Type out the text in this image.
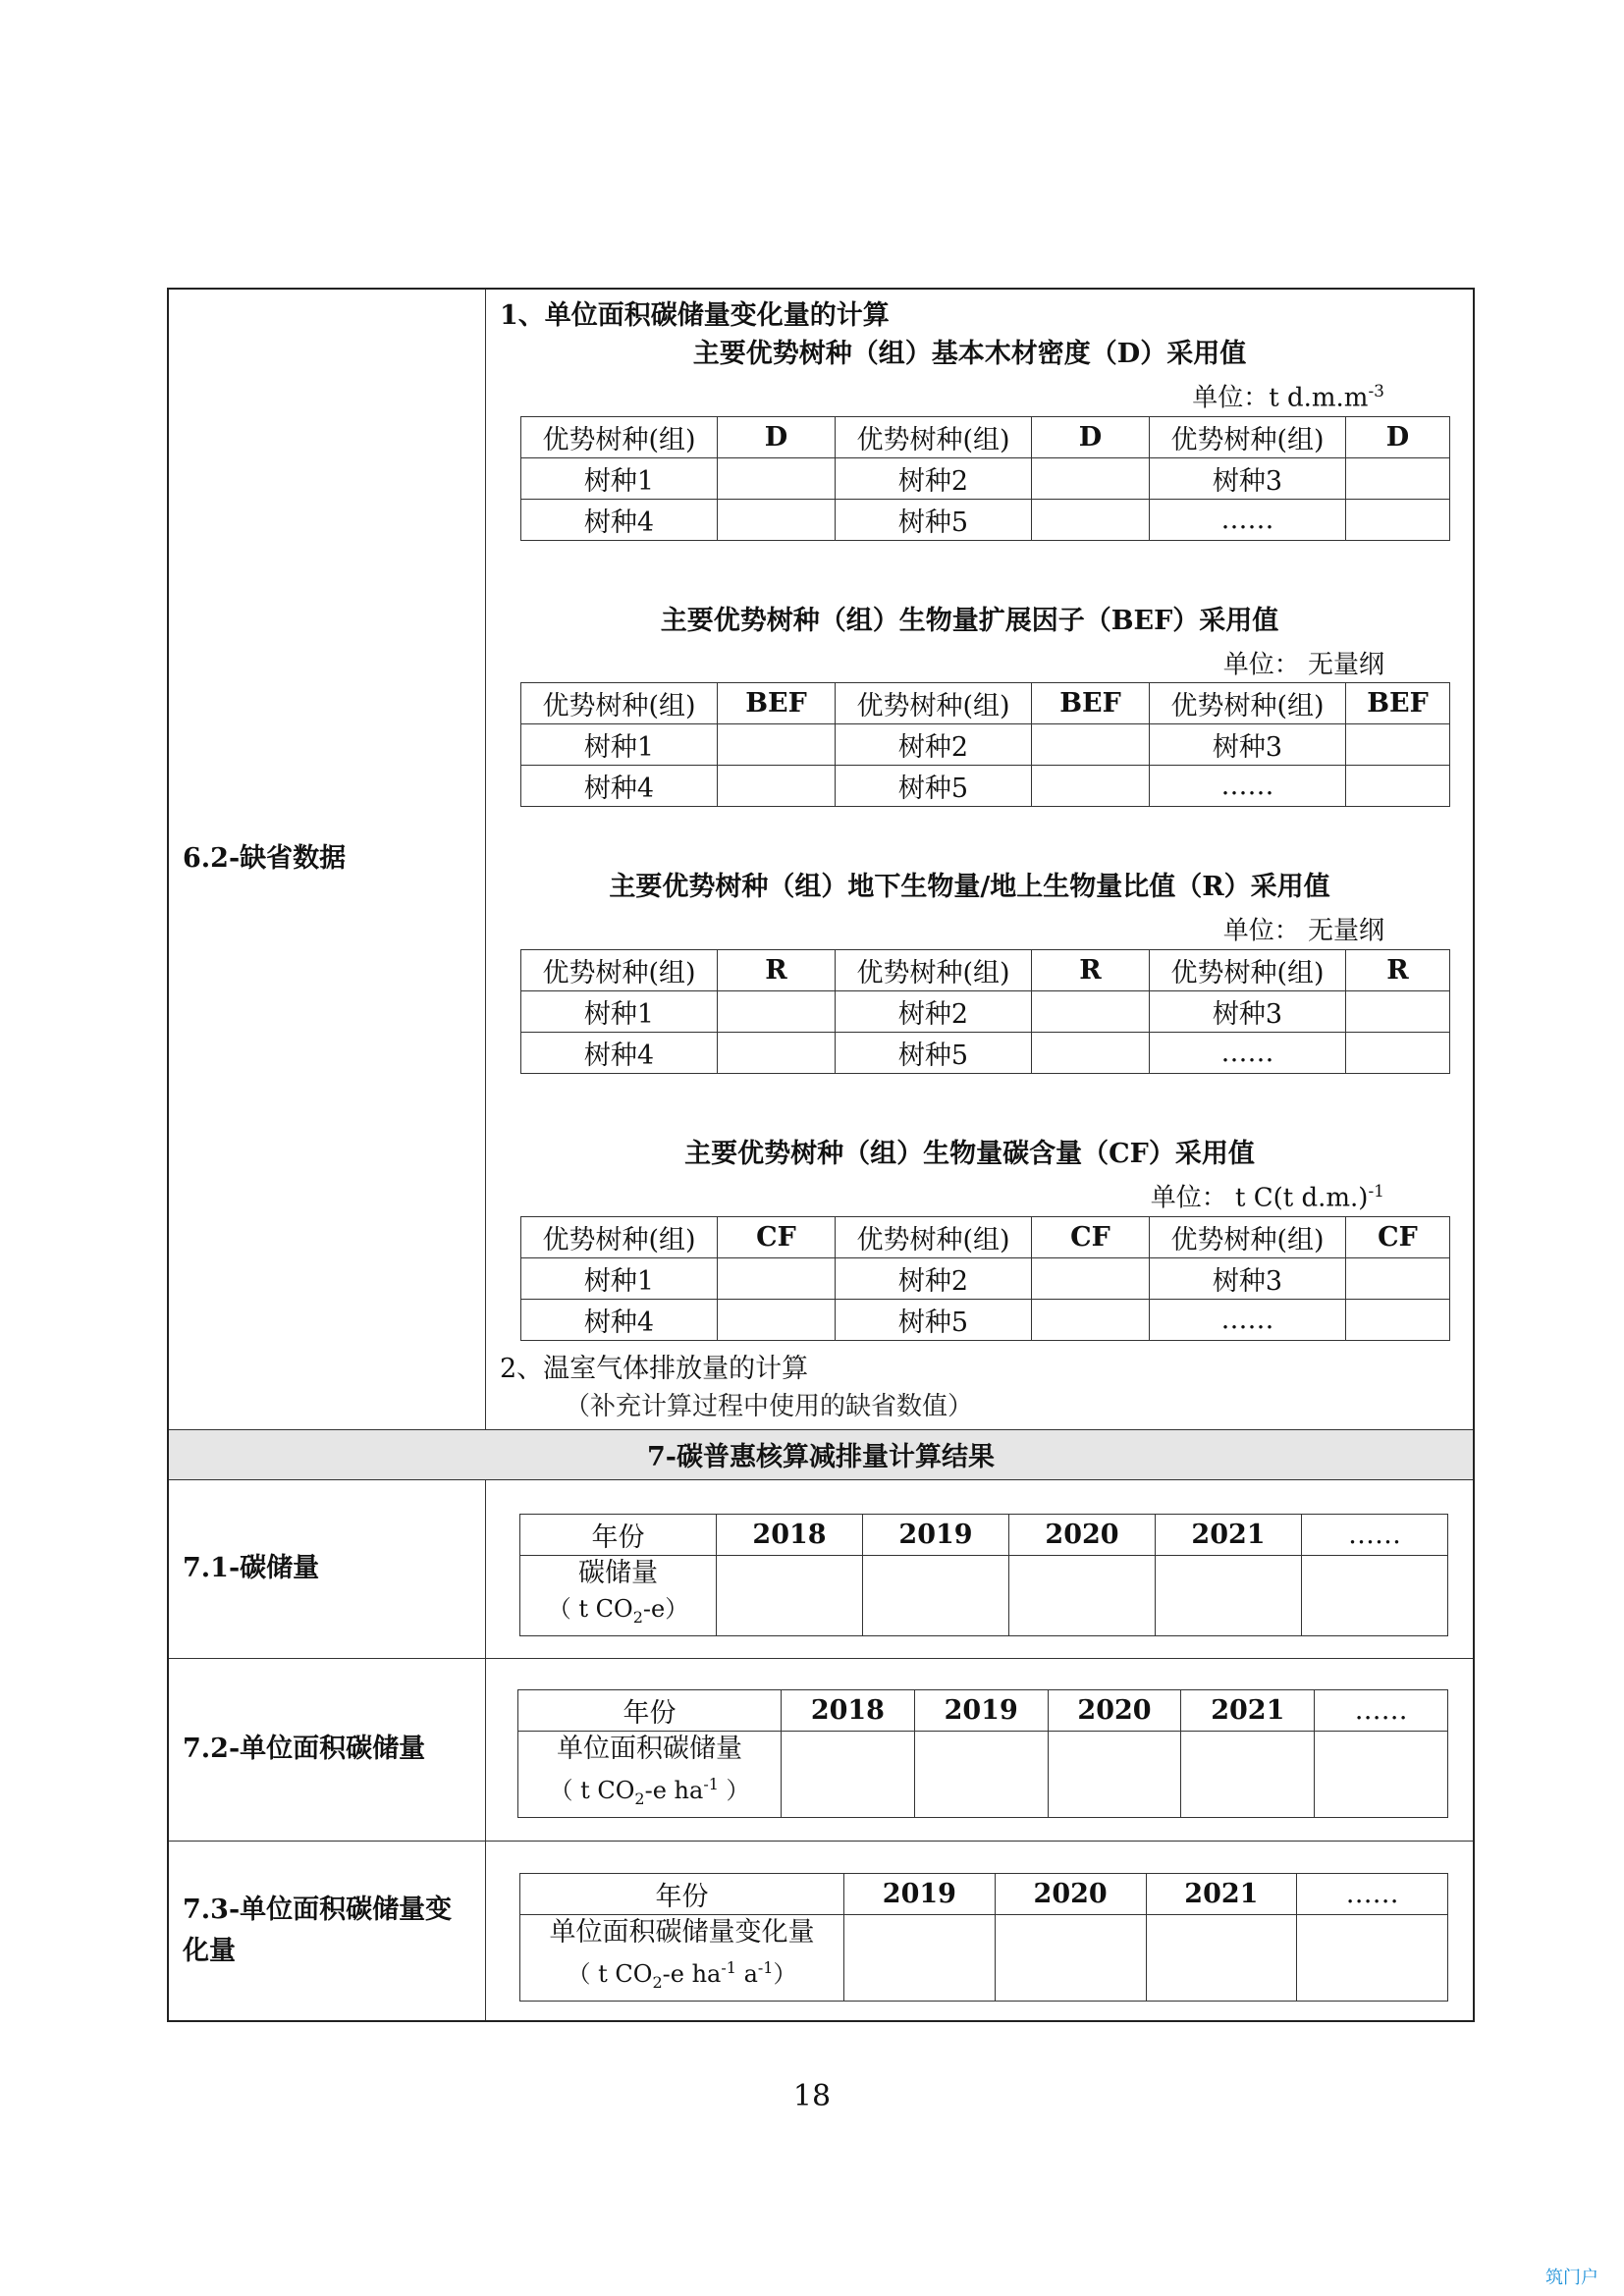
6.2-缺省数据	
1、单位面积碳储量变化量的计算
主要优势树种（组）基本木材密度（D）采用值
单位：t $d.m.m^{-3}$
优势树种(组)	D	优势树种(组)	D	优势树种(组)	D
树种1		树种2		树种3	
树种4		树种5		……	
主要优势树种（组）生物量扩展因子（BEF）采用值
单位： 无量纲
优势树种(组)	BEF	优势树种(组)	BEF	优势树种(组)	BEF
树种1		树种2		树种3	
树种4		树种5		……	
主要优势树种（组）地下生物量/地上生物量比值（R）采用值
单位： 无量纲
优势树种(组)	R	优势树种(组)	R	优势树种(组)	R
树种1		树种2		树种3	
树种4		树种5		……	
主要优势树种（组）生物量碳含量（CF）采用值
单位： t C(t d.m.)$^{-1}$
优势树种(组)	CF	优势树种(组)	CF	优势树种(组)	CF
树种1		树种2		树种3	
树种4		树种5		……	
2、温室气体排放量的计算
（补充计算过程中使用的缺省数值）

7-碳普惠核算减排量计算结果
7.1-碳储量	
年份	2018	2019	2020	2021	……

碳储量
（ t $CO_2-e$）

7.2-单位面积碳储量	
年份	2018	2019	2020	2021	……

单位面积碳储量
（ t $CO_2-e$ $ha^{-1}$ ）

7.3-单位面积碳储量变
化量	
年份	2019	2020	2021	……

单位面积碳储量变化量
（ t $CO_2-e$ $ha^{-1}$ $a^{-1}$）

18
筑门户
